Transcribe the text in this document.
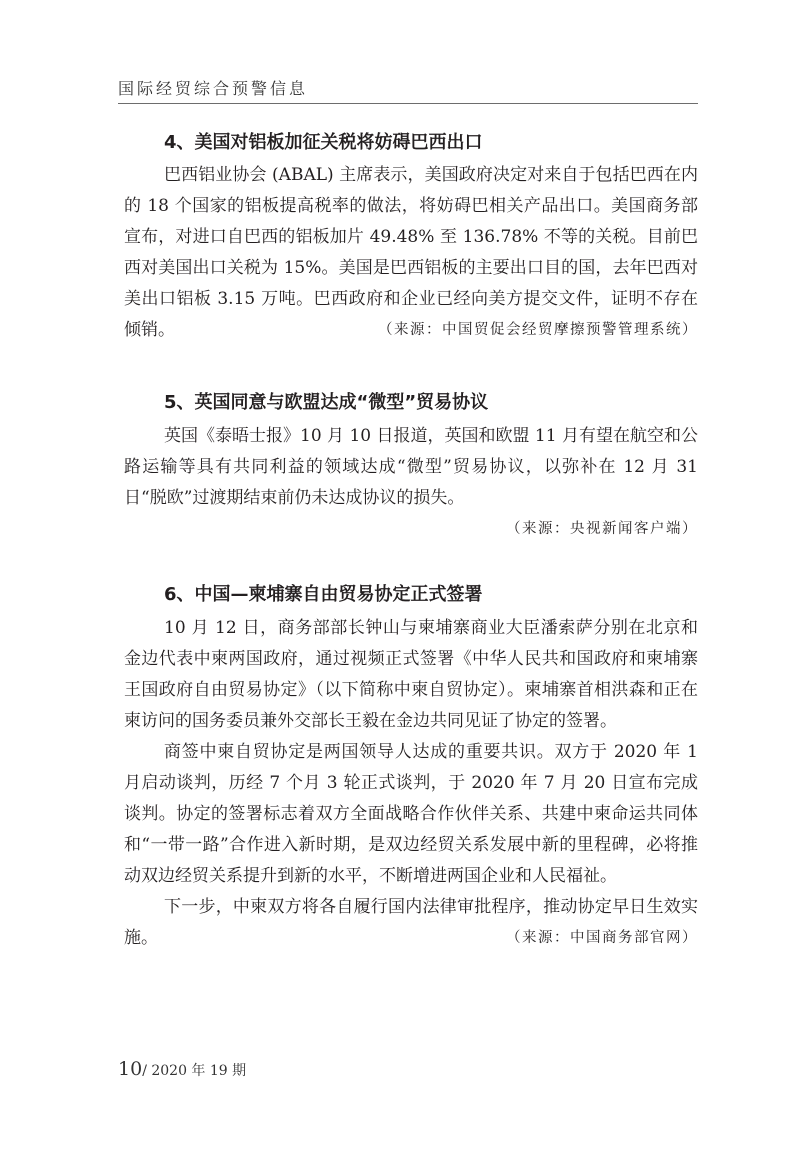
国际经贸综合预警信息
4、美国对铝板加征关税将妨碍巴西出口

巴西铝业协会 (ABAL) 主席表示，美国政府决定对来自于包括巴西在内的 18 个国家的铝板提高税率的做法，将妨碍巴相关产品出口。美国商务部宣布，对进口自巴西的铝板加片 49.48% 至 136.78% 不等的关税。目前巴西对美国出口关税为 15%。美国是巴西铝板的主要出口目的国，去年巴西对美出口铝板 3.15 万吨。巴西政府和企业已经向美方提交文件，证明不存在倾销。	（来源：中国贸促会经贸摩擦预警管理系统）

5、英国同意与欧盟达成“微型”贸易协议

英国《泰晤士报》10 月 10 日报道，英国和欧盟 11 月有望在航空和公路运输等具有共同利益的领域达成“微型”贸易协议，以弥补在 12 月 31 日“脱欧”过渡期结束前仍未达成协议的损失。

（来源：央视新闻客户端）

6、中国—柬埔寨自由贸易协定正式签署

10 月 12 日，商务部部长钟山与柬埔寨商业大臣潘索萨分别在北京和金边代表中柬两国政府，通过视频正式签署《中华人民共和国政府和柬埔寨王国政府自由贸易协定》（以下简称中柬自贸协定）。柬埔寨首相洪森和正在柬访问的国务委员兼外交部长王毅在金边共同见证了协定的签署。

商签中柬自贸协定是两国领导人达成的重要共识。双方于 2020 年 1 月启动谈判，历经 7 个月 3 轮正式谈判，于 2020 年 7 月 20 日宣布完成谈判。协定的签署标志着双方全面战略合作伙伴关系、共建中柬命运共同体和“一带一路”合作进入新时期，是双边经贸关系发展中新的里程碑，必将推动双边经贸关系提升到新的水平，不断增进两国企业和人民福祉。

下一步，中柬双方将各自履行国内法律审批程序，推动协定早日生效实施。	（来源：中国商务部官网）

10/ 2020 年 19 期
